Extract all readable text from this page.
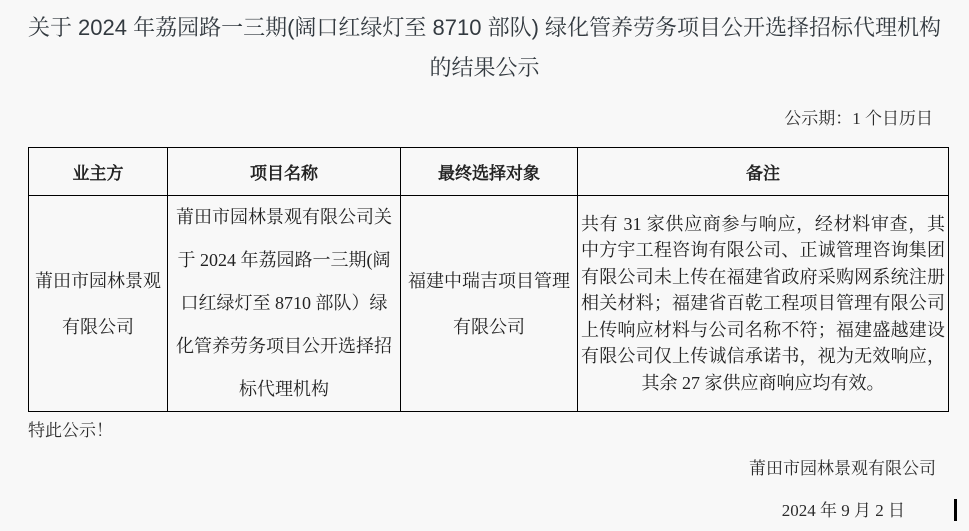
关于 2024 年荔园路一三期(阔口红绿灯至 8710 部队) 绿化管养劳务项目公开选择招标代理机构的结果公示
公示期：1 个日历日
业主方	项目名称	最终选择对象	备注
莆田市园林景观有限公司	莆田市园林景观有限公司关于 2024 年荔园路一三期(阔口红绿灯至 8710 部队）绿化管养劳务项目公开选择招标代理机构	福建中瑞吉项目管理有限公司	共有 31 家供应商参与响应，经材料审查，其中方宇工程咨询有限公司、正诚管理咨询集团有限公司未上传在福建省政府采购网系统注册相关材料；福建省百乾工程项目管理有限公司上传响应材料与公司名称不符；福建盛越建设有限公司仅上传诚信承诺书，视为无效响应，其余 27 家供应商响应均有效。
特此公示！
莆田市园林景观有限公司
2024 年 9 月 2 日
